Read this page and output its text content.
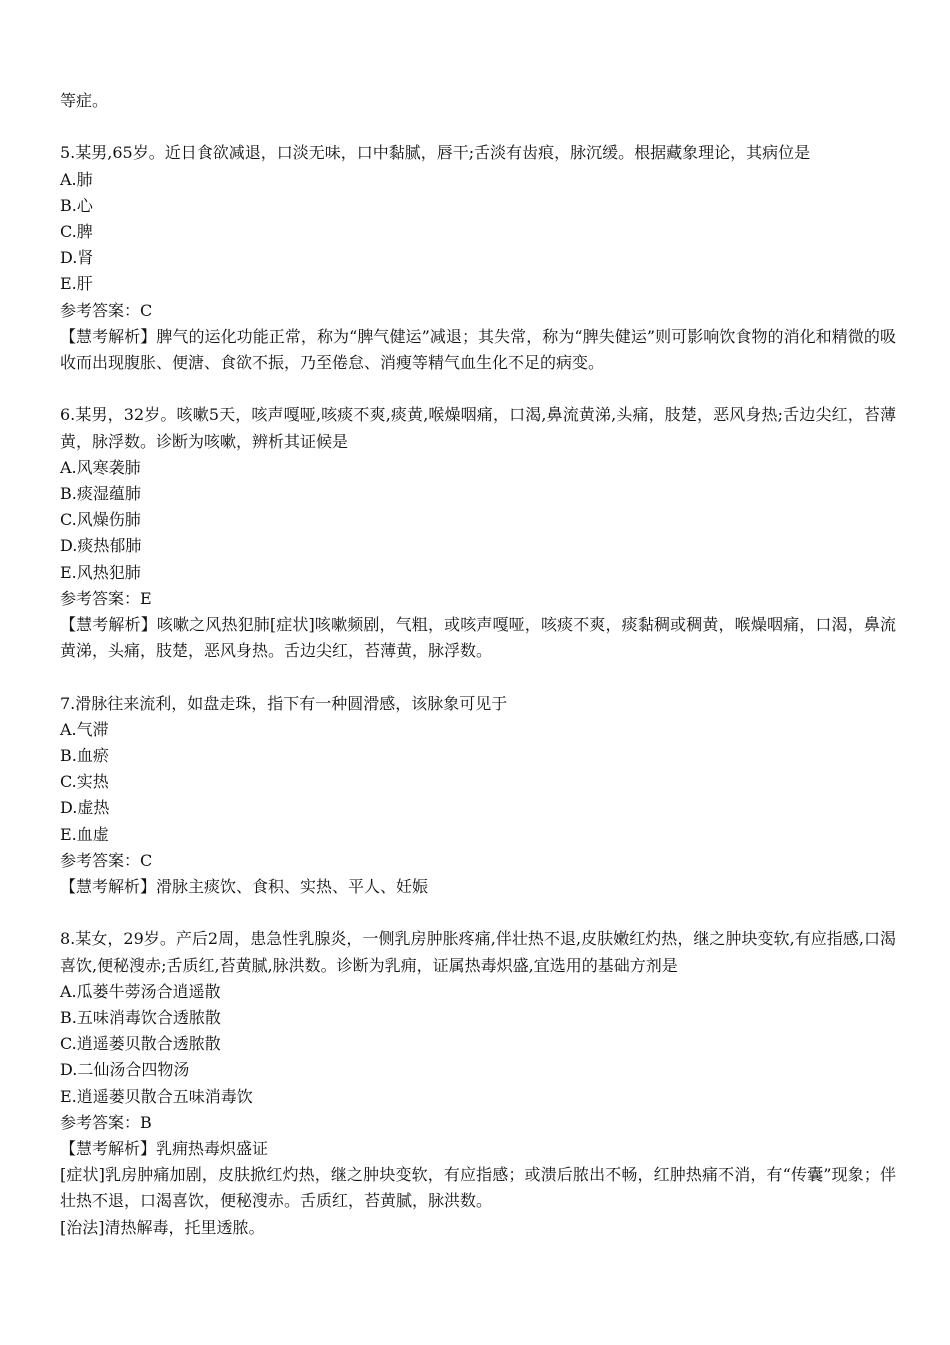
等症。
5.某男,65岁。近日食欲减退，口淡无味，口中黏腻，唇干;舌淡有齿痕，脉沉缓。根据藏象理论，其病位是
A.肺
B.心
C.脾
D.肾
E.肝
参考答案：C
【慧考解析】脾气的运化功能正常，称为“脾气健运”减退；其失常，称为“脾失健运”则可影响饮食物的消化和精微的吸收而出现腹胀、便溏、食欲不振，乃至倦怠、消瘦等精气血生化不足的病变。
6.某男，32岁。咳嗽5天，咳声嘎哑,咳痰不爽,痰黄,喉燥咽痛，口渴,鼻流黄涕,头痛，肢楚，恶风身热;舌边尖红，苔薄黄，脉浮数。诊断为咳嗽，辨析其证候是
A.风寒袭肺
B.痰湿蕴肺
C.风燥伤肺
D.痰热郁肺
E.风热犯肺
参考答案：E
【慧考解析】咳嗽之风热犯肺[症状]咳嗽频剧，气粗，或咳声嘎哑，咳痰不爽，痰黏稠或稠黄，喉燥咽痛，口渴，鼻流黄涕，头痛，肢楚，恶风身热。舌边尖红，苔薄黄，脉浮数。
7.滑脉往来流利，如盘走珠，指下有一种圆滑感，该脉象可见于
A.气滞
B.血瘀
C.实热
D.虚热
E.血虚
参考答案：C
【慧考解析】滑脉主痰饮、食积、实热、平人、妊娠
8.某女，29岁。产后2周，患急性乳腺炎，一侧乳房肿胀疼痛,伴壮热不退,皮肤嫩红灼热，继之肿块变软,有应指感,口渴喜饮,便秘溲赤;舌质红,苔黄腻,脉洪数。诊断为乳痈，证属热毒炽盛,宜选用的基础方剂是
A.瓜蒌牛蒡汤合逍遥散
B.五味消毒饮合透脓散
C.逍遥蒌贝散合透脓散
D.二仙汤合四物汤
E.逍遥蒌贝散合五味消毒饮
参考答案：B
【慧考解析】乳痈热毒炽盛证
[症状]乳房肿痛加剧，皮肤掀红灼热，继之肿块变软，有应指感；或溃后脓出不畅，红肿热痛不消，有“传囊”现象；伴壮热不退，口渴喜饮，便秘溲赤。舌质红，苔黄腻，脉洪数。
[治法]清热解毒，托里透脓。
